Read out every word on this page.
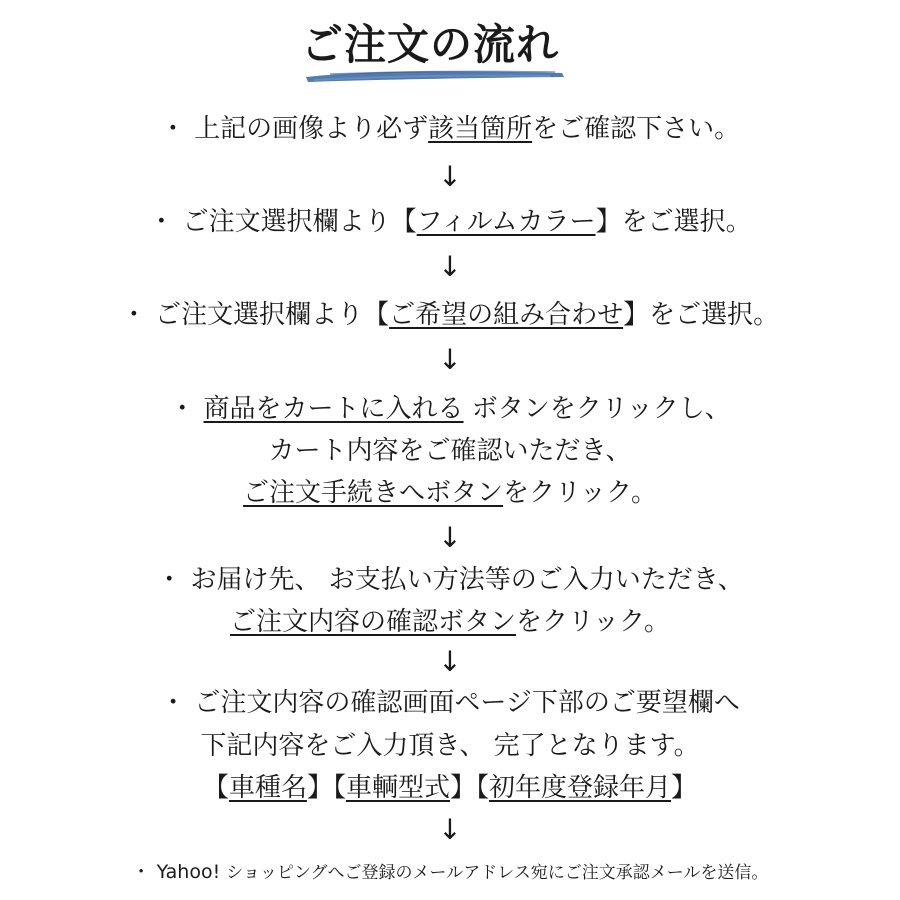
ご注文の流れ
・ 上記の画像より必ず該当箇所をご確認下さい。
↓
・ ご注文選択欄より【フィルムカラー】をご選択。
↓
・ ご注文選択欄より【ご希望の組み合わせ】をご選択。
↓
・ 商品をカートに入れる ボタンをクリックし、
カート内容をご確認いただき、
ご注文手続きへボタンをクリック。
↓
・ お届け先、 お支払い方法等のご入力いただき、
ご注文内容の確認ボタンをクリック。
↓
・ ご注文内容の確認画面ページ下部のご要望欄へ
下記内容をご入力頂き、 完了となります。
【車種名】【車輌型式】【初年度登録年月】
↓
・ Yahoo! ショッピングへご登録のメールアドレス宛にご注文承認メールを送信。
